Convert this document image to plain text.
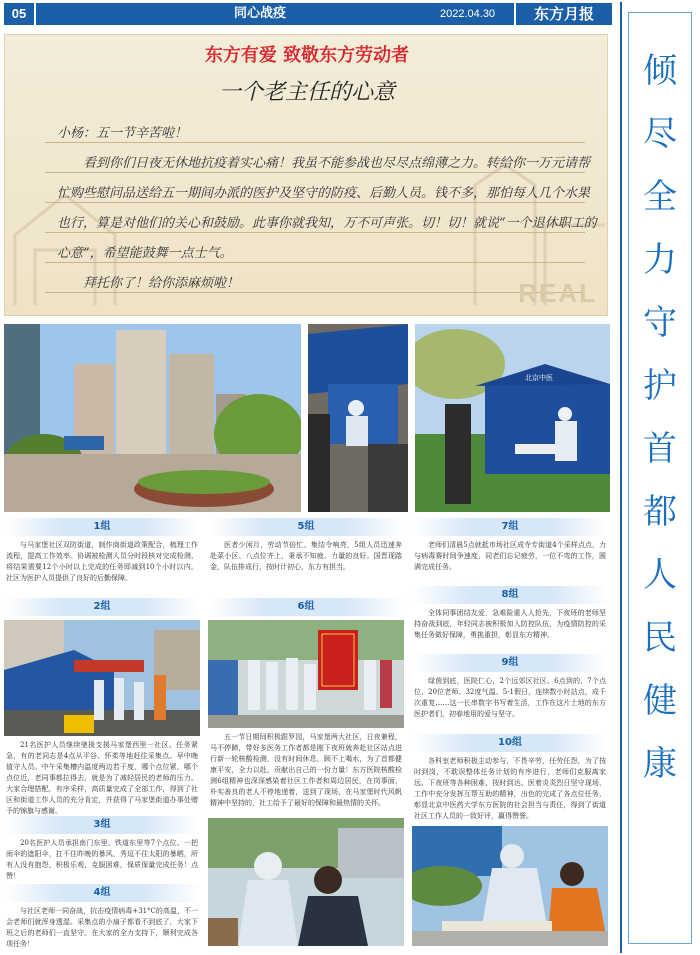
05	同心战疫	2022.04.30	东方月报
倾
尽
全
力
守
护
首
都
人
民
健
康
东方有爱 致敬东方劳动者
一个老主任的心意

小杨：五一节辛苦啦！

看到你们日夜无休地抗疫着实心痛！我虽不能参战也尽尽点绵薄之力。转给你一万元请帮忙购些慰问品送给五一期间办派的医护及坚守的防疫、后勤人员。钱不多，那怕每人几个水果也行，算是对他们的关心和鼓励。此事你就我知，万不可声张。切！切！就说“一个退休职工的心意”，希望能鼓舞一点士气。

拜托你了！给你添麻烦啦！	REAL
北京中医
1组
与马家堡社区双防街道，制作商街道政策配合，梳理工作流程，提高工作效率。协调被检测人员分时段核对完成检测，将结果需要12个小时以上完成的任务即减到10个小时以内。社区为医护人员提供了良好的后勤保障。
2组
21名医护人员继续驰援支援马家堡西里一社区。任务紧急，有的老同志是4点从平谷、怀柔等地赶往采集点。早中晚值守人员。中午采集槽内温度两边若干度，哪个点位紧，哪个点位近，老同事都拉得去，就是为了减轻居民的老师的压力。大家合理搭配，有序采样，高质量完成了全部工作，得到了社区和街道工作人员的充分肯定，并获得了马家堡街道办事处赠予的锦旗与感谢。
3组
20名医护人员承担南门东里、铁道东里等7个点位。一把雨伞的遮阳伞，扛不住昨晚的暴风，秀逗不住太阳的暴晒，所有人没有抱怨，积极乐观，克服困难，保质保量完成任务！点赞！
4组
与社区老师一同奋战，抗击疫情病毒+31°C的高温，不一会老师们就浑身透湿。采集点的小扇子都看不到底了，大家下班之后的老师们一直坚守。在大家的全力支持下，顺利完成各项任务！
5组
医者少闲月，劳动节倍忙。集结令响亮，5组人员迅速奔赴菜小区、八点位齐上，秉承不知疲、力量的良好。国晋现踏金，队伍排成行，按时计初心，东方有担当。
6组
五一节日期间积极跟罗园，马家堡两大社区，日夜兼程，马不停蹄，带好多医务工作者都是刚下夜班就奔赴社区站点进行新一轮核酸检测，没有时间休息，顾不上喝水，为了首都健康平安，全力以赴，贡献出自己的一份力量！东方医院核酸检测6组精神也深深感染着社区工作者和周边居民，在岗事面，朴实善良的老人不停地递着，送到了现场，在马家堡时代风帆精神中坚持的，社工给予了最好的保障和最热情的关怀。
7组
老师们清晨5点就抵市场社区成寺专街道4个采样点点，力与病毒赛时间争速度，同老们忘记疲劳，一位不弯的工作，圆满完成任务。
8组
全体同事团结友爱，急难险重人人抢先，下夜班的老师坚持奋战到底，年轻同志被积极加入防控队伍，为疫情防控的采集任务做好保障，勇挑重担，彰显东方精神。
9组
绿茵到底，医院仁心，2个远郊区社区、6点到的、7个点位、20位老师、32度气温、5·1假日，连续数小时站点，成千次重复……这一长串数字书写着生活，工作在这片土地的东方医护者们，初春地用的爱与坚守。
10组
各科室老师积极主动参与，不畏辛劳，任劳任怨，为了按时到岗，不耽误整体任务计划的有序进行，老师们克服离家远、下夜班等各种困难，按时到达。医着炎炎烈日坚守现场，工作中充分发挥互帮互助的精神，出色的完成了各点位任务，彰显北京中医药大学东方医院的社会担当与责任，得到了街道社区工作人员的一致好评，赢得赞誉。
